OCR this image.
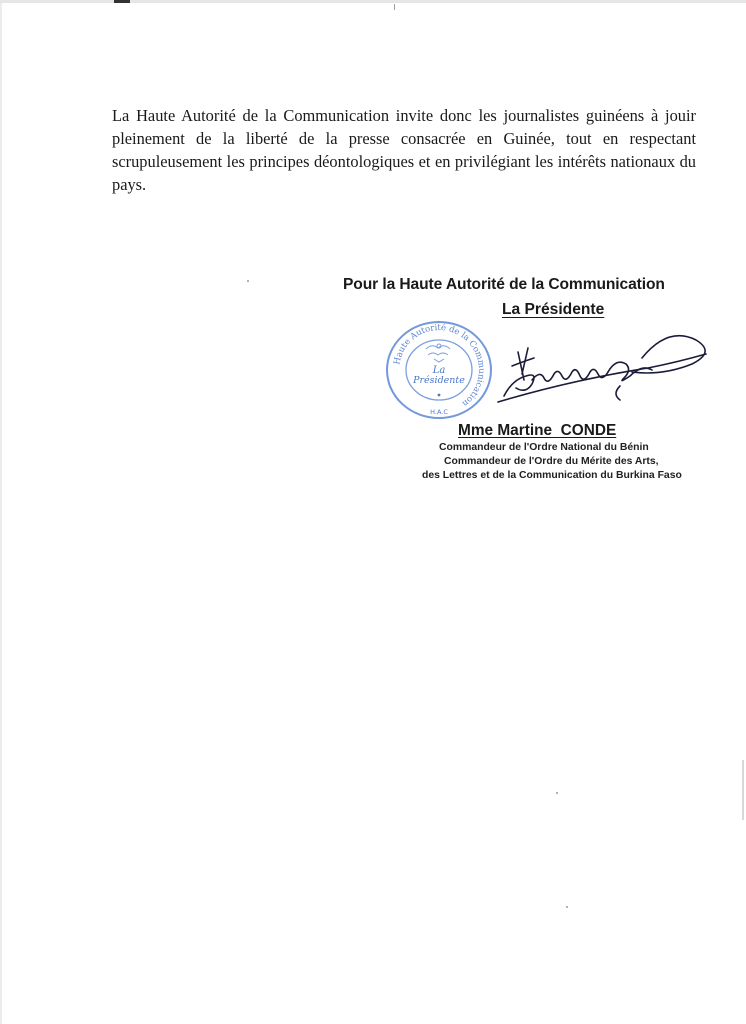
La Haute Autorité de la Communication invite donc les journalistes guinéens à jouir pleinement de la liberté de la presse consacrée en Guinée, tout en respectant scrupuleusement les principes déontologiques et en privilégiant les intérêts nationaux du pays.

Pour la Haute Autorité de la Communication
La Présidente
Haute Autorité de la Communication
La
Présidente
H.A.C
Mme Martine  CONDE
Commandeur de l'Ordre National du Bénin
Commandeur de l'Ordre du Mérite des Arts,
des Lettres et de la Communication du Burkina Faso
